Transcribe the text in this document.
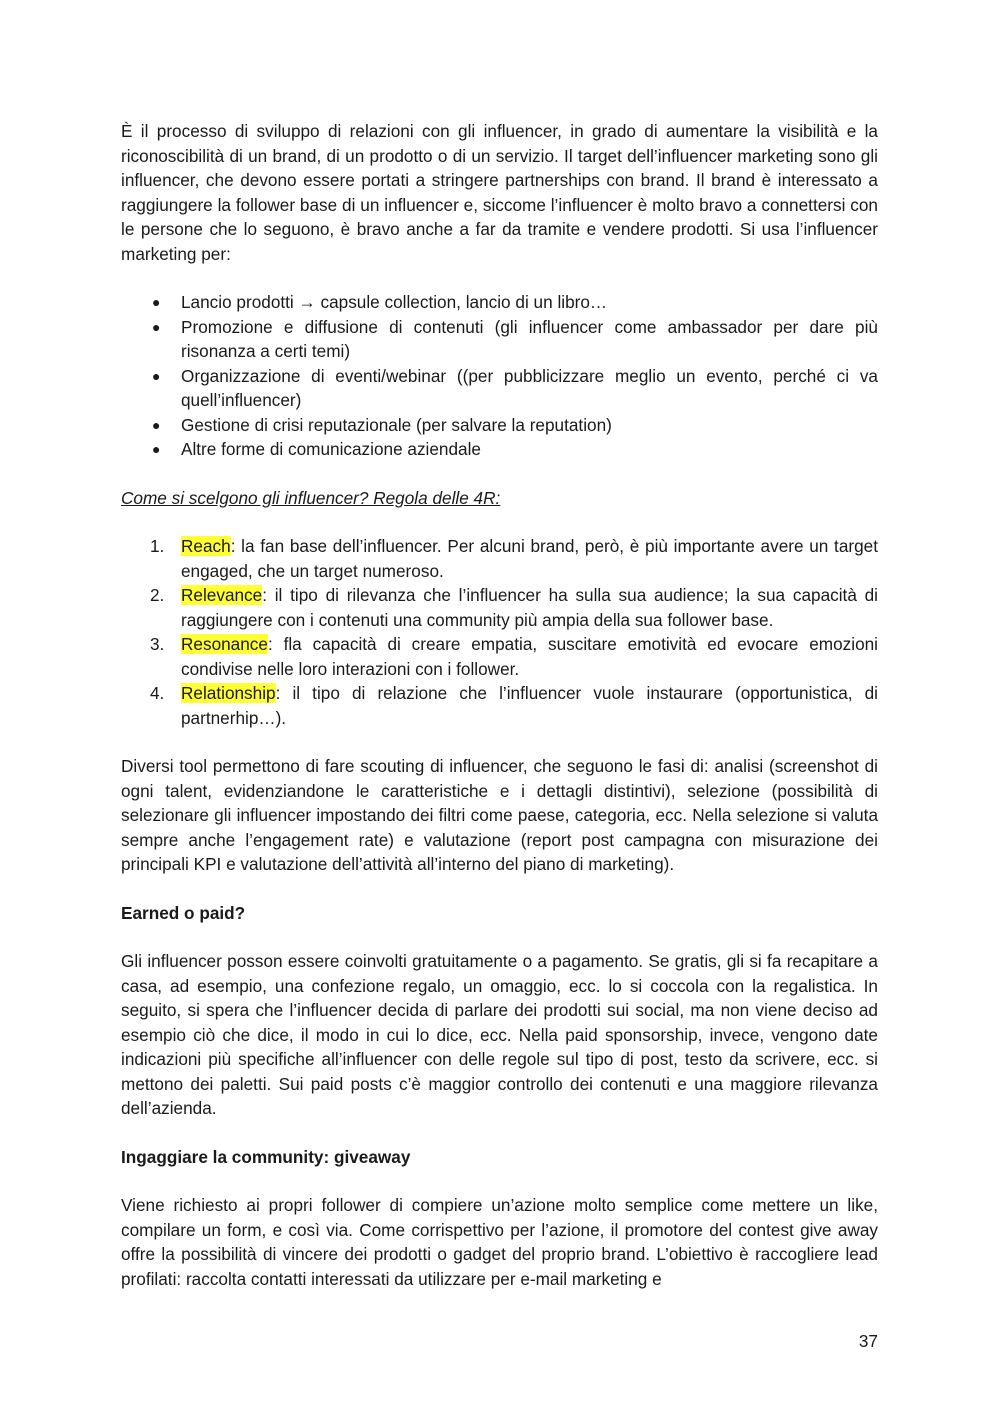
È il processo di sviluppo di relazioni con gli influencer, in grado di aumentare la visibilità e la riconoscibilità di un brand, di un prodotto o di un servizio. Il target dell’influencer marketing sono gli influencer, che devono essere portati a stringere partnerships con brand. Il brand è interessato a raggiungere la follower base di un influencer e, siccome l’influencer è molto bravo a connettersi con le persone che lo seguono, è bravo anche a far da tramite e vendere prodotti. Si usa l’influencer marketing per:

● Lancio prodotti → capsule collection, lancio di un libro…
● Promozione e diffusione di contenuti (gli influencer come ambassador per dare più risonanza a certi temi)
● Organizzazione di eventi/webinar ((per pubblicizzare meglio un evento, perché ci va quell’influencer)
● Gestione di crisi reputazionale (per salvare la reputation)
● Altre forme di comunicazione aziendale

Come si scelgono gli influencer? Regola delle 4R:

1. Reach: la fan base dell’influencer. Per alcuni brand, però, è più importante avere un target engaged, che un target numeroso.
2. Relevance: il tipo di rilevanza che l’influencer ha sulla sua audience; la sua capacità di raggiungere con i contenuti una community più ampia della sua follower base.
3. Resonance: fla capacità di creare empatia, suscitare emotività ed evocare emozioni condivise nelle loro interazioni con i follower.
4. Relationship: il tipo di relazione che l’influencer vuole instaurare (opportunistica, di partnerhip…).

Diversi tool permettono di fare scouting di influencer, che seguono le fasi di: analisi (screenshot di ogni talent, evidenziandone le caratteristiche e i dettagli distintivi), selezione (possibilità di selezionare gli influencer impostando dei filtri come paese, categoria, ecc. Nella selezione si valuta sempre anche l’engagement rate) e valutazione (report post campagna con misurazione dei principali KPI e valutazione dell’attività all’interno del piano di marketing).

Earned o paid?

Gli influencer posson essere coinvolti gratuitamente o a pagamento. Se gratis, gli si fa recapitare a casa, ad esempio, una confezione regalo, un omaggio, ecc. lo si coccola con la regalistica. In seguito, si spera che l’influencer decida di parlare dei prodotti sui social, ma non viene deciso ad esempio ciò che dice, il modo in cui lo dice, ecc. Nella paid sponsorship, invece, vengono date indicazioni più specifiche all’influencer con delle regole sul tipo di post, testo da scrivere, ecc. si mettono dei paletti. Sui paid posts c’è maggior controllo dei contenuti e una maggiore rilevanza dell’azienda.

Ingaggiare la community: giveaway

Viene richiesto ai propri follower di compiere un’azione molto semplice come mettere un like, compilare un form, e così via. Come corrispettivo per l’azione, il promotore del contest give away offre la possibilità di vincere dei prodotti o gadget del proprio brand. L’obiettivo è raccogliere lead profilati: raccolta contatti interessati da utilizzare per e-mail marketing e

37
